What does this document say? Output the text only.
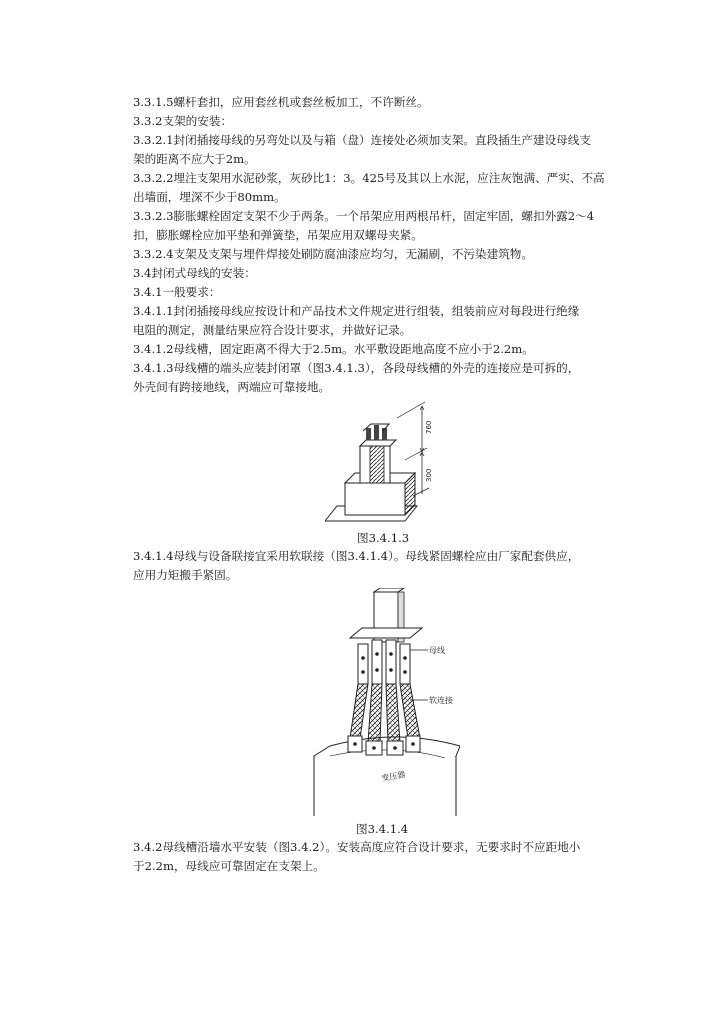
3.3.1.5螺杆套扣，应用套丝机或套丝板加工，不许断丝。
3.3.2支架的安装：
3.3.2.1封闭插接母线的另弯处以及与箱（盘）连接处必须加支架。直段插生产建设母线支
架的距离不应大于2m。
3.3.2.2埋注支架用水泥砂浆，灰砂比1：3。425号及其以上水泥，应注灰饱满、严实、不高
出墙面，埋深不少于80mm。
3.3.2.3膨胀螺栓固定支架不少于两条。一个吊架应用两根吊杆，固定牢固，螺扣外露2～4
扣，膨胀螺栓应加平垫和弹簧垫，吊架应用双螺母夹紧。
3.3.2.4支架及支架与埋件焊接处刷防腐油漆应均匀，无漏刷，不污染建筑物。
3.4封闭式母线的安装：
3.4.1一般要求：
3.4.1.1封闭插接母线应按设计和产品技术文件规定进行组装，组装前应对每段进行绝缘
电阻的测定，测量结果应符合设计要求，并做好记录。
3.4.1.2母线槽，固定距离不得大于2.5m。水平敷设距地高度不应小于2.2m。
3.4.1.3母线槽的端头应装封闭罩（图3.4.1.3），各段母线槽的外壳的连接应是可拆的，
外壳间有跨接地线，两端应可靠接地。
760
300
图3.4.1.3
3.4.1.4母线与设备联接宜采用软联接（图3.4.1.4）。母线紧固螺栓应由厂家配套供应，
应用力矩搬手紧固。
变压器
母线
软连接
图3.4.1.4
3.4.2母线槽沿墙水平安装（图3.4.2）。安装高度应符合设计要求，无要求时不应距地小
于2.2m，母线应可靠固定在支架上。
